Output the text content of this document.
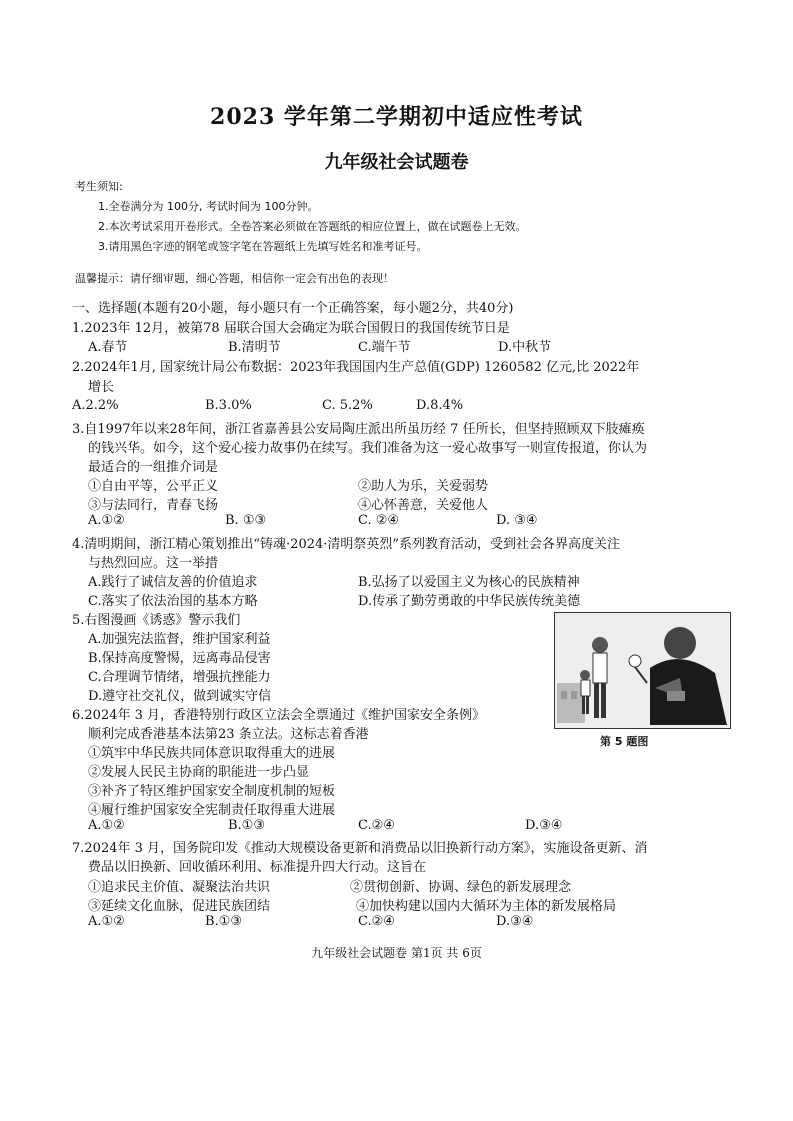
2023 学年第二学期初中适应性考试
九年级社会试题卷
考生须知:
1.全卷满分为 100分, 考试时间为 100分钟。
2.本次考试采用开卷形式。全卷答案必须做在答题纸的相应位置上，做在试题卷上无效。
3.请用黑色字迹的钢笔或签字笔在答题纸上先填写姓名和准考证号。
温馨提示：请仔细审题，细心答题，相信你一定会有出色的表现！
一、选择题(本题有20小题，每小题只有一个正确答案，每小题2分，共40分)
1.2023年 12月，被第78 届联合国大会确定为联合国假日的我国传统节日是
A.春节	B.清明节	C.端午节	D.中秋节
2.2024年1月, 国家统计局公布数据：2023年我国国内生产总值(GDP) 1260582 亿元,比 2022年
增长
A.2.2%	B.3.0%	C. 5.2%	D.8.4%
3.自1997年以来28年间，浙江省嘉善县公安局陶庄派出所虽历经 7 任所长，但坚持照顾双下肢瘫痪
的钱兴华。如今，这个爱心接力故事仍在续写。我们准备为这一爱心故事写一则宣传报道，你认为
最适合的一组推介词是
①自由平等，公平正义	②助人为乐，关爱弱势
③与法同行，青春飞扬	④心怀善意，关爱他人
A.①②	B. ①③	C. ②④	D. ③④
4.清明期间，浙江精心策划推出“铸魂·2024·清明祭英烈”系列教育活动，受到社会各界高度关注
与热烈回应。这一举措
A.践行了诚信友善的价值追求	B.弘扬了以爱国主义为核心的民族精神
C.落实了依法治国的基本方略	D.传承了勤劳勇敢的中华民族传统美德
5.右图漫画《诱惑》警示我们
A.加强宪法监督，维护国家利益
B.保持高度警惕，远离毒品侵害
C.合理调节情绪，增强抗挫能力
D.遵守社交礼仪，做到诚实守信
第 5 题图
6.2024年 3 月，香港特别行政区立法会全票通过《维护国家安全条例》
顺利完成香港基本法第23 条立法。这标志着香港
①筑牢中华民族共同体意识取得重大的进展
②发展人民民主协商的职能进一步凸显
③补齐了特区维护国家安全制度机制的短板
④履行维护国家安全宪制责任取得重大进展
A.①②	B.①③	C.②④	D.③④
7.2024年 3 月，国务院印发《推动大规模设备更新和消费品以旧换新行动方案》，实施设备更新、消
费品以旧换新、回收循环利用、标准提升四大行动。这旨在
①追求民主价值、凝聚法治共识	②贯彻创新、协调、绿色的新发展理念
③延续文化血脉，促进民族团结	④加快构建以国内大循环为主体的新发展格局
A.①②	B.①③	C.②④	D.③④
九年级社会试题卷 第1页 共 6页
